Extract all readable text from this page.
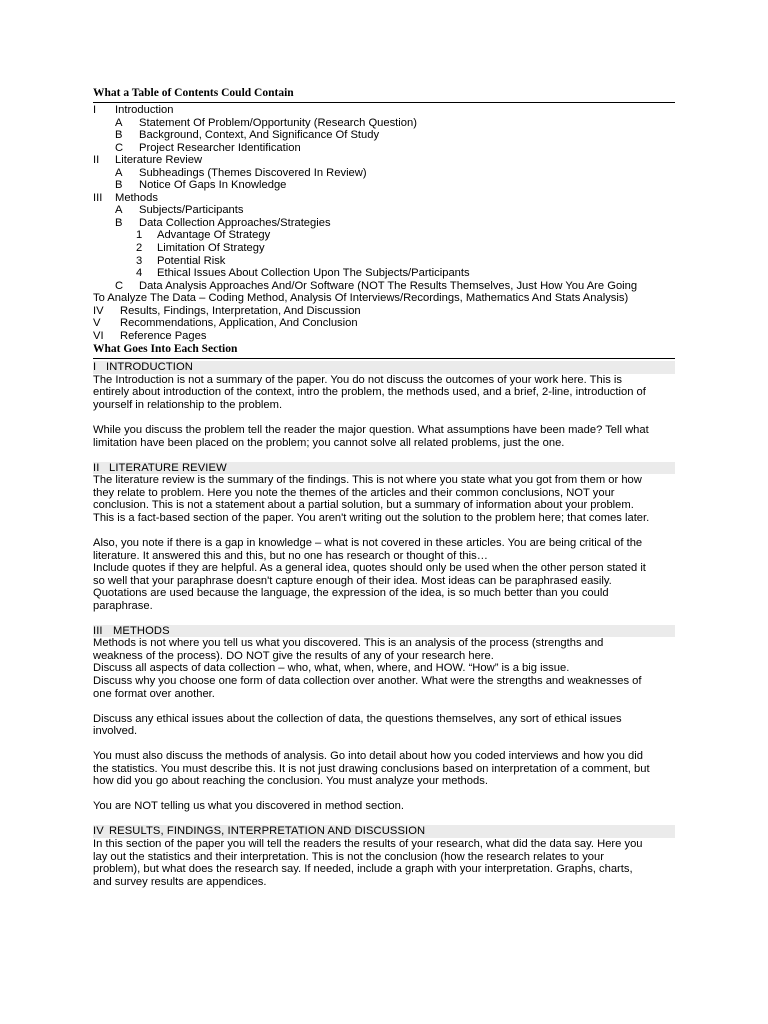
What a Table of Contents Could Contain
I Introduction
A Statement Of Problem/Opportunity (Research Question)
B Background, Context, And Significance Of Study
C Project Researcher Identification
II Literature Review
A Subheadings (Themes Discovered In Review)
B Notice Of Gaps In Knowledge
III Methods
A Subjects/Participants
B Data Collection Approaches/Strategies
1 Advantage Of Strategy
2 Limitation Of Strategy
3 Potential Risk
4 Ethical Issues About Collection Upon The Subjects/Participants
C Data Analysis Approaches And/Or Software (NOT The Results Themselves, Just How You Are Going
To Analyze The Data – Coding Method, Analysis Of Interviews/Recordings, Mathematics And Stats Analysis)
IV Results, Findings, Interpretation, And Discussion
V Recommendations, Application, And Conclusion
VI Reference Pages
What Goes Into Each Section
I INTRODUCTION
The Introduction is not a summary of the paper. You do not discuss the outcomes of your work here. This is
entirely about introduction of the context, intro the problem, the methods used, and a brief, 2-line, introduction of
yourself in relationship to the problem.
While you discuss the problem tell the reader the major question. What assumptions have been made? Tell what
limitation have been placed on the problem; you cannot solve all related problems, just the one.
II LITERATURE REVIEW
The literature review is the summary of the findings. This is not where you state what you got from them or how
they relate to problem. Here you note the themes of the articles and their common conclusions, NOT your
conclusion. This is not a statement about a partial solution, but a summary of information about your problem.
This is a fact-based section of the paper. You aren't writing out the solution to the problem here; that comes later.
Also, you note if there is a gap in knowledge – what is not covered in these articles. You are being critical of the
literature. It answered this and this, but no one has research or thought of this…
Include quotes if they are helpful. As a general idea, quotes should only be used when the other person stated it
so well that your paraphrase doesn't capture enough of their idea. Most ideas can be paraphrased easily.
Quotations are used because the language, the expression of the idea, is so much better than you could
paraphrase.
III METHODS
Methods is not where you tell us what you discovered. This is an analysis of the process (strengths and
weakness of the process). DO NOT give the results of any of your research here.
Discuss all aspects of data collection – who, what, when, where, and HOW. “How” is a big issue.
Discuss why you choose one form of data collection over another. What were the strengths and weaknesses of
one format over another.
Discuss any ethical issues about the collection of data, the questions themselves, any sort of ethical issues
involved.
You must also discuss the methods of analysis. Go into detail about how you coded interviews and how you did
the statistics. You must describe this. It is not just drawing conclusions based on interpretation of a comment, but
how did you go about reaching the conclusion. You must analyze your methods.
You are NOT telling us what you discovered in method section.
IV RESULTS, FINDINGS, INTERPRETATION AND DISCUSSION
In this section of the paper you will tell the readers the results of your research, what did the data say. Here you
lay out the statistics and their interpretation. This is not the conclusion (how the research relates to your
problem), but what does the research say. If needed, include a graph with your interpretation. Graphs, charts,
and survey results are appendices.
